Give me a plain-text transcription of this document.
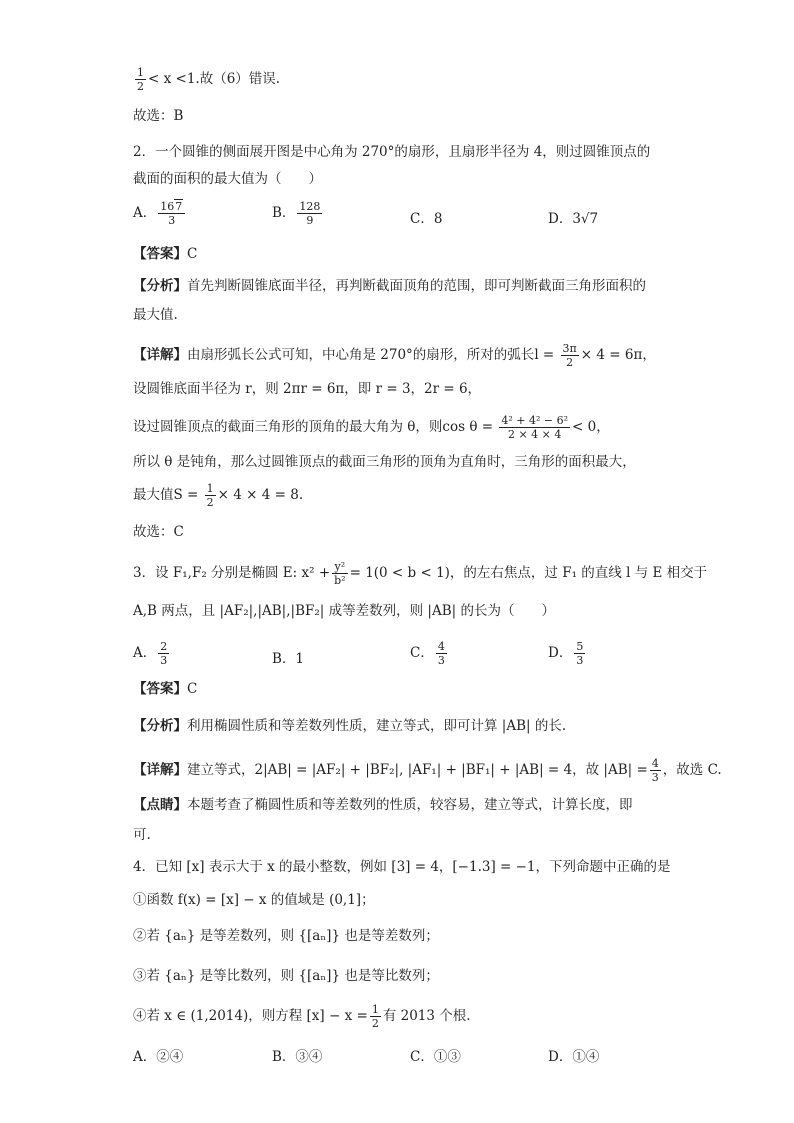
$\frac{1}{2} < x <1$.故（6）错误.
故选：B
2．一个圆锥的侧面展开图是中心角为 270°的扇形，且扇形半径为 4，则过圆锥顶点的
截面的面积的最大值为（　　）
A． $\frac{167}{3}$	B． $\frac{128}{9}$	C．8	D．3√7
【答案】C
【分析】首先判断圆锥底面半径，再判断截面顶角的范围，即可判断截面三角形面积的
最大值.
【详解】由扇形弧长公式可知，中心角是 270°的扇形，所对的弧长$l = \frac{3\pi}{2} \times 4 = 6\pi$，
设圆锥底面半径为 r，则 2πr = 6π，即 r = 3，2r = 6，
设过圆锥顶点的截面三角形的顶角的最大角为 θ，则$\cos \theta = \frac{\text{4² + 4² − 6²}}{2 \times 4 \times 4} < 0$，
所以 θ 是钝角，那么过圆锥顶点的截面三角形的顶角为直角时，三角形的面积最大，
最大值$S = \frac{1}{2} \times 4 \times 4 = 8$.
故选：C
3．设 F₁,F₂ 分别是椭圆 E: $x^2 + \frac{\text{y²}}{\text{b²}} = 1(0 < b < 1)$，的左右焦点，过 F₁ 的直线 l 与 E 相交于
A,B 两点，且 |AF₂|,|AB|,|BF₂| 成等差数列，则 |AB| 的长为（　　）
A． $\frac{2}{3}$	B．1	C． $\frac{4}{3}$	D． $\frac{5}{3}$
【答案】C
【分析】利用椭圆性质和等差数列性质，建立等式，即可计算 |AB| 的长.
【详解】建立等式，2|AB| = |AF₂| + |BF₂|, |AF₁| + |BF₁| + |AB| = 4，故 $|AB| = \frac{4}{3}$ ，故选 C.
【点睛】本题考查了椭圆性质和等差数列的性质，较容易，建立等式，计算长度，即
可.
4．已知 [x] 表示大于 x 的最小整数，例如 [3] = 4，[−1.3] = −1，下列命题中正确的是
①函数 f(x) = [x] − x 的值域是 (0,1]；
②若 {aₙ} 是等差数列，则 {[aₙ]} 也是等差数列；
③若 {aₙ} 是等比数列，则 {[aₙ]} 也是等比数列；
④若 x ∈ (1,2014)，则方程 $[x] - x = \frac{1}{2}$ 有 2013 个根.
A．②④	B．③④	C．①③	D．①④
